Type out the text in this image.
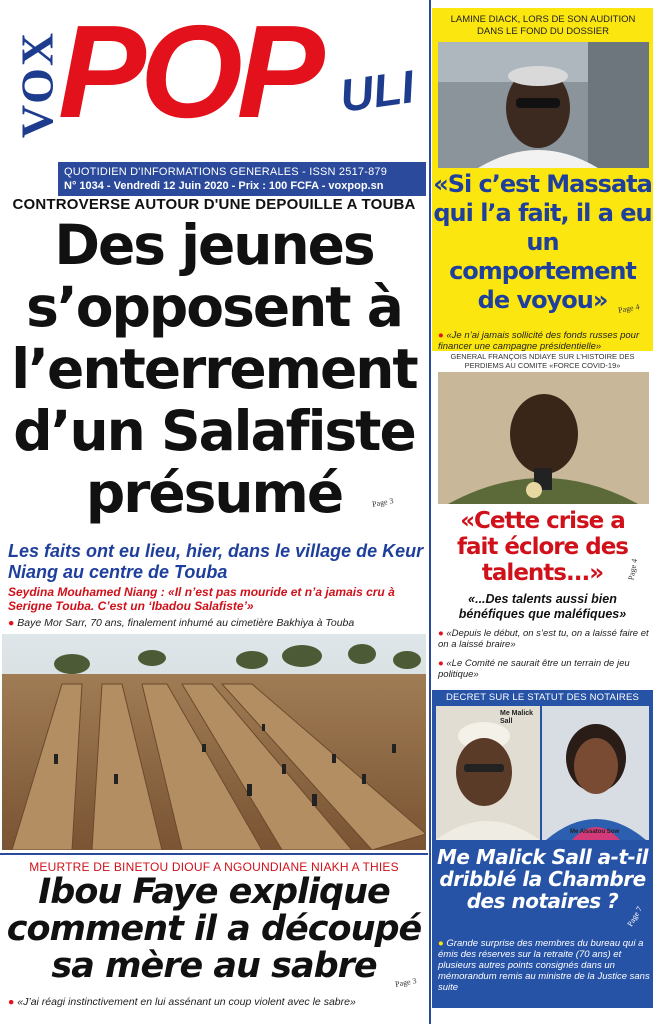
VOX
POP ULI
QUOTIDIEN D'INFORMATIONS GENERALES - ISSN 2517-879
N° 1034 - Vendredi 12 Juin 2020 - Prix : 100 FCFA - voxpop.sn
CONTROVERSE AUTOUR D'UNE DEPOUILLE A TOUBA
Des jeunes
s’opposent à
l’enterrement
d’un Salafiste
présumé	Page 3
Les faits ont eu lieu, hier, dans le village de Keur Niang au centre de Touba
Seydina Mouhamed Niang : «Il n’est pas mouride et n’a jamais cru à Serigne Touba. C’est un ‘Ibadou Salafiste’»
● Baye Mor Sarr, 70 ans, finalement inhumé au cimetière Bakhiya à Touba
MEURTRE DE BINETOU DIOUF A NGOUNDIANE NIAKH A THIES
Ibou Faye explique
comment il a découpé
sa mère au sabre	Page 3
● «J’ai réagi instinctivement en lui assénant un coup violent avec le sabre»
LAMINE DIACK, LORS DE SON AUDITION DANS LE FOND DU DOSSIER
«Si c’est Massata
qui l’a fait, il a eu
un comportement
de voyou»	Page 4
● «Je n’ai jamais sollicité des fonds russes pour financer une campagne présidentielle»
GENERAL FRANÇOIS NDIAYE SUR L’HISTOIRE DES PERDIEMS AU COMITE «FORCE COVID-19»
«Cette crise a
fait éclore des
talents...»	Page 4
«...Des talents aussi bien
bénéfiques que maléfiques»
● «Depuis le début, on s’est tu, on a laissé faire et on a laissé braire»
● «Le Comité ne saurait être un terrain de jeu politique»
DECRET SUR LE STATUT DES NOTAIRES
Me Malick Sall
Me Aissatou Sow
Me Malick Sall a-t-il
dribblé la Chambre
des notaires ?
Page 7
● Grande surprise des membres du bureau qui a émis des réserves sur la retraite (70 ans) et plusieurs autres points consignés dans un mémorandum remis au ministre de la Justice sans suite
